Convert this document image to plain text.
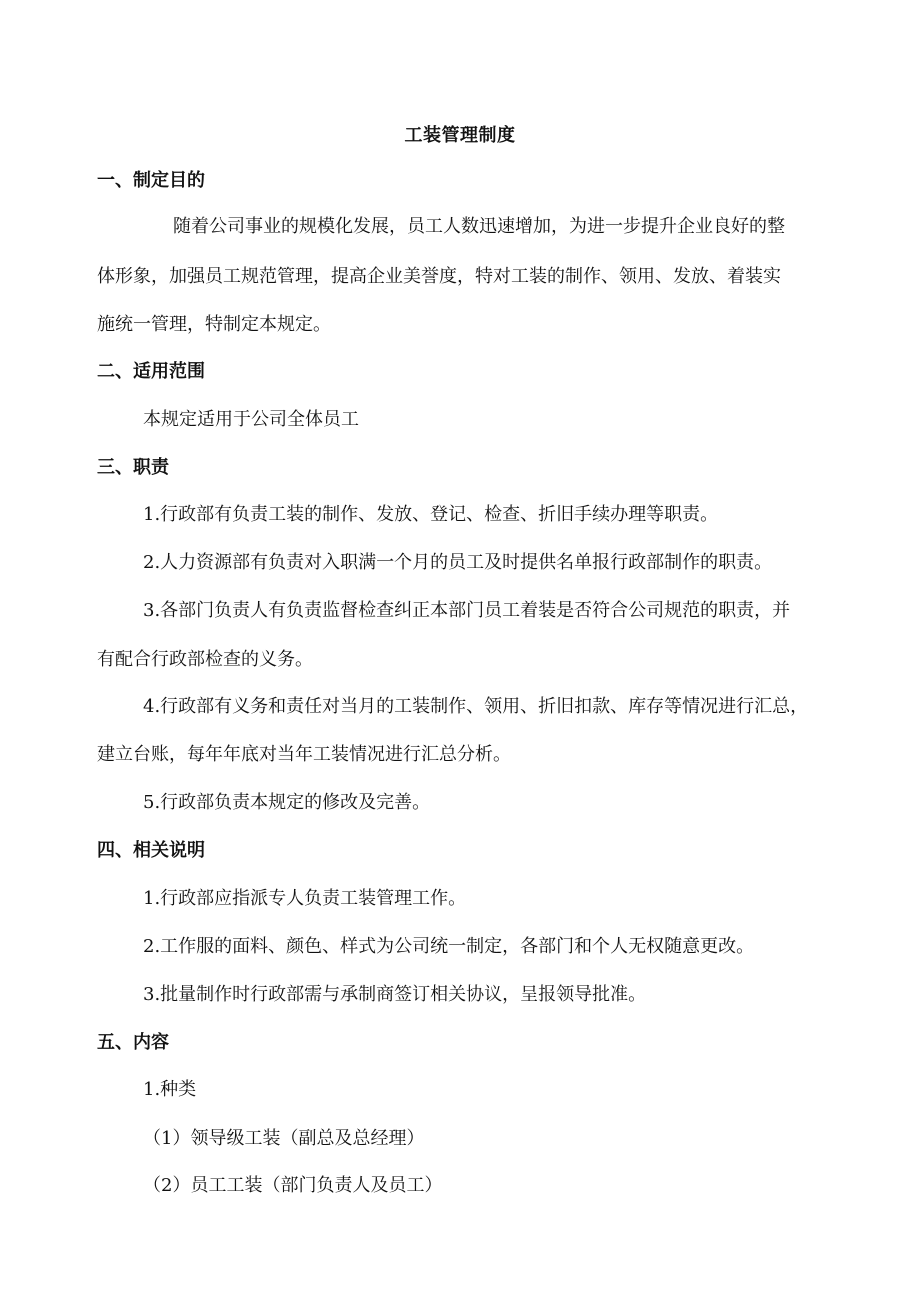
工装管理制度
一、制定目的
随着公司事业的规模化发展，员工人数迅速增加，为进一步提升企业良好的整
体形象，加强员工规范管理，提高企业美誉度，特对工装的制作、领用、发放、着装实
施统一管理，特制定本规定。
二、适用范围
本规定适用于公司全体员工
三、职责
1.行政部有负责工装的制作、发放、登记、检查、折旧手续办理等职责。
2.人力资源部有负责对入职满一个月的员工及时提供名单报行政部制作的职责。
3.各部门负责人有负责监督检查纠正本部门员工着装是否符合公司规范的职责，并
有配合行政部检查的义务。
4.行政部有义务和责任对当月的工装制作、领用、折旧扣款、库存等情况进行汇总，
建立台账，每年年底对当年工装情况进行汇总分析。
5.行政部负责本规定的修改及完善。
四、相关说明
1.行政部应指派专人负责工装管理工作。
2.工作服的面料、颜色、样式为公司统一制定，各部门和个人无权随意更改。
3.批量制作时行政部需与承制商签订相关协议，呈报领导批准。
五、内容
1.种类
（1）领导级工装（副总及总经理）
（2）员工工装（部门负责人及员工）
